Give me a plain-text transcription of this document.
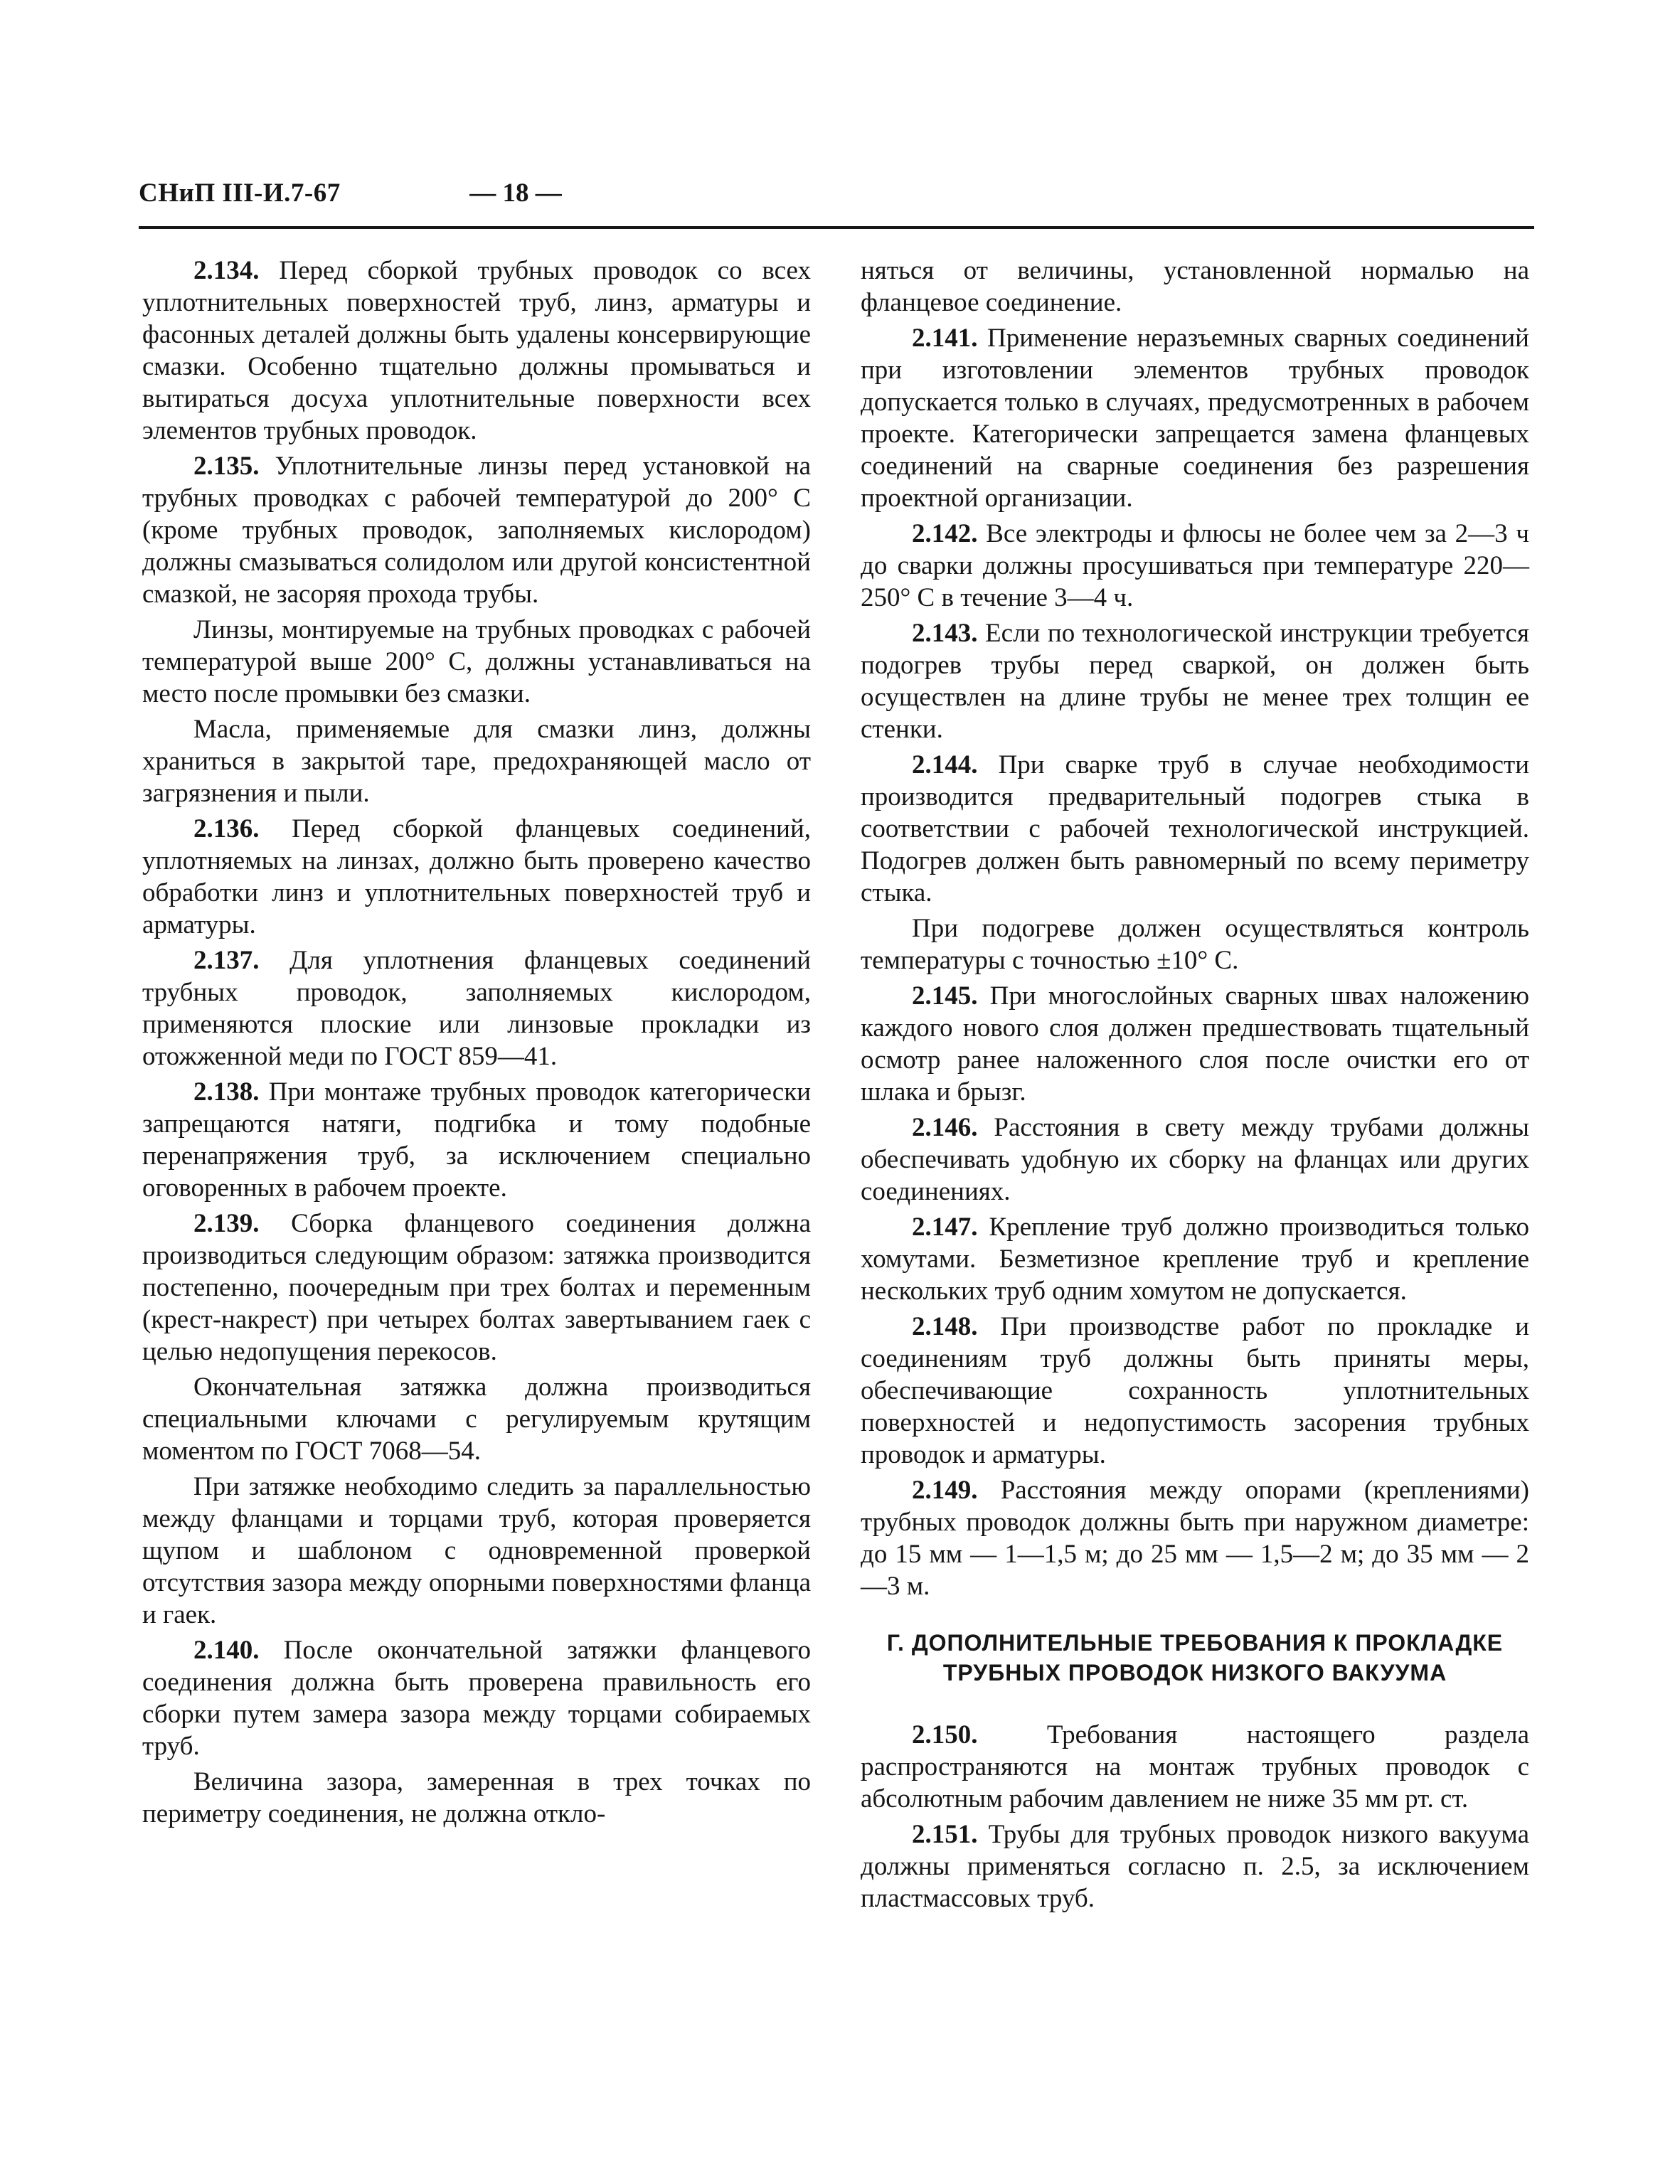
СНиП III-И.7-67	— 18 —

2.134. Перед сборкой трубных проводок со всех уплотнительных поверхностей труб, линз, арматуры и фасонных деталей должны быть удалены консервирующие смазки. Особенно тщательно должны промываться и вытираться досуха уплотнительные поверхности всех элементов трубных проводок.

2.135. Уплотнительные линзы перед установкой на трубных проводках с рабочей температурой до 200° С (кроме трубных проводок, заполняемых кислородом) должны смазываться солидолом или другой консистентной смазкой, не засоряя прохода трубы.

Линзы, монтируемые на трубных проводках с рабочей температурой выше 200° С, должны устанавливаться на место после промывки без смазки.

Масла, применяемые для смазки линз, должны храниться в закрытой таре, предохраняющей масло от загрязнения и пыли.

2.136. Перед сборкой фланцевых соединений, уплотняемых на линзах, должно быть проверено качество обработки линз и уплотнительных поверхностей труб и арматуры.

2.137. Для уплотнения фланцевых соединений трубных проводок, заполняемых кислородом, применяются плоские или линзовые прокладки из отожженной меди по ГОСТ 859—41.

2.138. При монтаже трубных проводок категорически запрещаются натяги, подгибка и тому подобные перенапряжения труб, за исключением специально оговоренных в рабочем проекте.

2.139. Сборка фланцевого соединения должна производиться следующим образом: затяжка производится постепенно, поочередным при трех болтах и переменным (крест-накрест) при четырех болтах завертыванием гаек с целью недопущения перекосов.

Окончательная затяжка должна производиться специальными ключами с регулируемым крутящим моментом по ГОСТ 7068—54.

При затяжке необходимо следить за параллельностью между фланцами и торцами труб, которая проверяется щупом и шаблоном с одновременной проверкой отсутствия зазора между опорными поверхностями фланца и гаек.

2.140. После окончательной затяжки фланцевого соединения должна быть проверена правильность его сборки путем замера зазора между торцами собираемых труб.

Величина зазора, замеренная в трех точках по периметру соединения, не должна откло-

няться от величины, установленной нормалью на фланцевое соединение.

2.141. Применение неразъемных сварных соединений при изготовлении элементов трубных проводок допускается только в случаях, предусмотренных в рабочем проекте. Категорически запрещается замена фланцевых соединений на сварные соединения без разрешения проектной организации.

2.142. Все электроды и флюсы не более чем за 2—3 ч до сварки должны просушиваться при температуре 220—250° С в течение 3—4 ч.

2.143. Если по технологической инструкции требуется подогрев трубы перед сваркой, он должен быть осуществлен на длине трубы не менее трех толщин ее стенки.

2.144. При сварке труб в случае необходимости производится предварительный подогрев стыка в соответствии с рабочей технологической инструкцией. Подогрев должен быть равномерный по всему периметру стыка.

При подогреве должен осуществляться контроль температуры с точностью ±10° С.

2.145. При многослойных сварных швах наложению каждого нового слоя должен предшествовать тщательный осмотр ранее наложенного слоя после очистки его от шлака и брызг.

2.146. Расстояния в свету между трубами должны обеспечивать удобную их сборку на фланцах или других соединениях.

2.147. Крепление труб должно производиться только хомутами. Безметизное крепление труб и крепление нескольких труб одним хомутом не допускается.

2.148. При производстве работ по прокладке и соединениям труб должны быть приняты меры, обеспечивающие сохранность уплотнительных поверхностей и недопустимость засорения трубных проводок и арматуры.

2.149. Расстояния между опорами (креплениями) трубных проводок должны быть при наружном диаметре: до 15 мм — 1—1,5 м; до 25 мм — 1,5—2 м; до 35 мм — 2—3 м.

Г. ДОПОЛНИТЕЛЬНЫЕ ТРЕБОВАНИЯ К ПРОКЛАДКЕ ТРУБНЫХ ПРОВОДОК НИЗКОГО ВАКУУМА

2.150. Требования настоящего раздела распространяются на монтаж трубных проводок с абсолютным рабочим давлением не ниже 35 мм рт. ст.

2.151. Трубы для трубных проводок низкого вакуума должны применяться согласно п. 2.5, за исключением пластмассовых труб.
